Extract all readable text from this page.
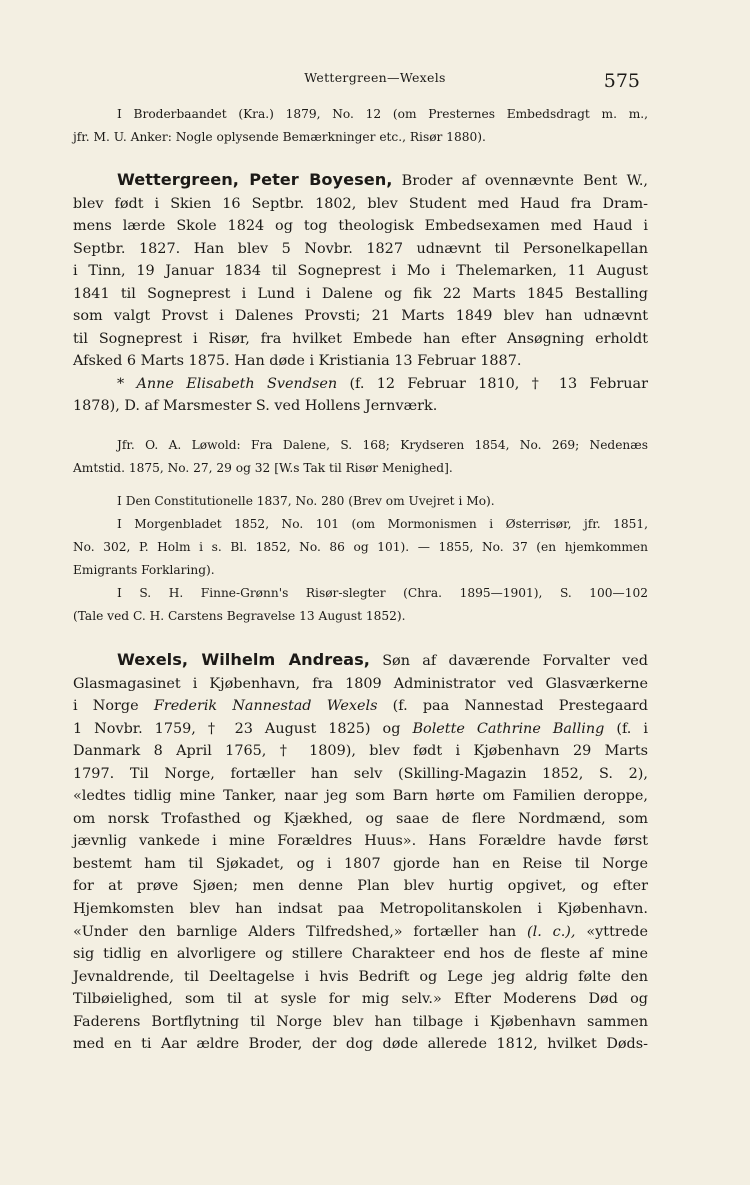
Wettergreen—Wexels	575

I Broderbaandet (Kra.) 1879, No. 12 (om Presternes Embedsdragt m. m.,

jfr. M. U. Anker: Nogle oplysende Bemærkninger etc., Risør 1880).

Wettergreen, Peter Boyesen, Broder af ovennævnte Bent W.,

blev født i Skien 16 Septbr. 1802, blev Student med Haud fra Dram-

mens lærde Skole 1824 og tog theologisk Embedsexamen med Haud i

Septbr. 1827. Han blev 5 Novbr. 1827 udnævnt til Personelkapellan

i Tinn, 19 Januar 1834 til Sogneprest i Mo i Thelemarken, 11 August

1841 til Sogneprest i Lund i Dalene og fik 22 Marts 1845 Bestalling

som valgt Provst i Dalenes Provsti; 21 Marts 1849 blev han udnævnt

til Sogneprest i Risør, fra hvilket Embede han efter Ansøgning erholdt

Afsked 6 Marts 1875. Han døde i Kristiania 13 Februar 1887.

* Anne Elisabeth Svendsen (f. 12 Februar 1810, † 13 Februar

1878), D. af Marsmester S. ved Hollens Jernværk.

Jfr. O. A. Løwold: Fra Dalene, S. 168; Krydseren 1854, No. 269; Nedenæs

Amtstid. 1875, No. 27, 29 og 32 [W.s Tak til Risør Menighed].

I Den Constitutionelle 1837, No. 280 (Brev om Uvejret i Mo).

I Morgenbladet 1852, No. 101 (om Mormonismen i Østerrisør, jfr. 1851,

No. 302, P. Holm i s. Bl. 1852, No. 86 og 101). — 1855, No. 37 (en hjemkommen

Emigrants Forklaring).

I S. H. Finne-Grønn's Risør-slegter (Chra. 1895—1901), S. 100—102

(Tale ved C. H. Carstens Begravelse 13 August 1852).

Wexels, Wilhelm Andreas, Søn af daværende Forvalter ved

Glasmagasinet i Kjøbenhavn, fra 1809 Administrator ved Glasværkerne

i Norge Frederik Nannestad Wexels (f. paa Nannestad Prestegaard

1 Novbr. 1759, † 23 August 1825) og Bolette Cathrine Balling (f. i

Danmark 8 April 1765, † 1809), blev født i Kjøbenhavn 29 Marts

1797. Til Norge, fortæller han selv (Skilling-Magazin 1852, S. 2),

«ledtes tidlig mine Tanker, naar jeg som Barn hørte om Familien deroppe,

om norsk Trofasthed og Kjækhed, og saae de flere Nordmænd, som

jævnlig vankede i mine Forældres Huus». Hans Forældre havde først

bestemt ham til Sjøkadet, og i 1807 gjorde han en Reise til Norge

for at prøve Sjøen; men denne Plan blev hurtig opgivet, og efter

Hjemkomsten blev han indsat paa Metropolitanskolen i Kjøbenhavn.

«Under den barnlige Alders Tilfredshed,» fortæller han (l. c.), «yttrede

sig tidlig en alvorligere og stillere Charakteer end hos de fleste af mine

Jevnaldrende, til Deeltagelse i hvis Bedrift og Lege jeg aldrig følte den

Tilbøielighed, som til at sysle for mig selv.» Efter Moderens Død og

Faderens Bortflytning til Norge blev han tilbage i Kjøbenhavn sammen

med en ti Aar ældre Broder, der dog døde allerede 1812, hvilket Døds-
